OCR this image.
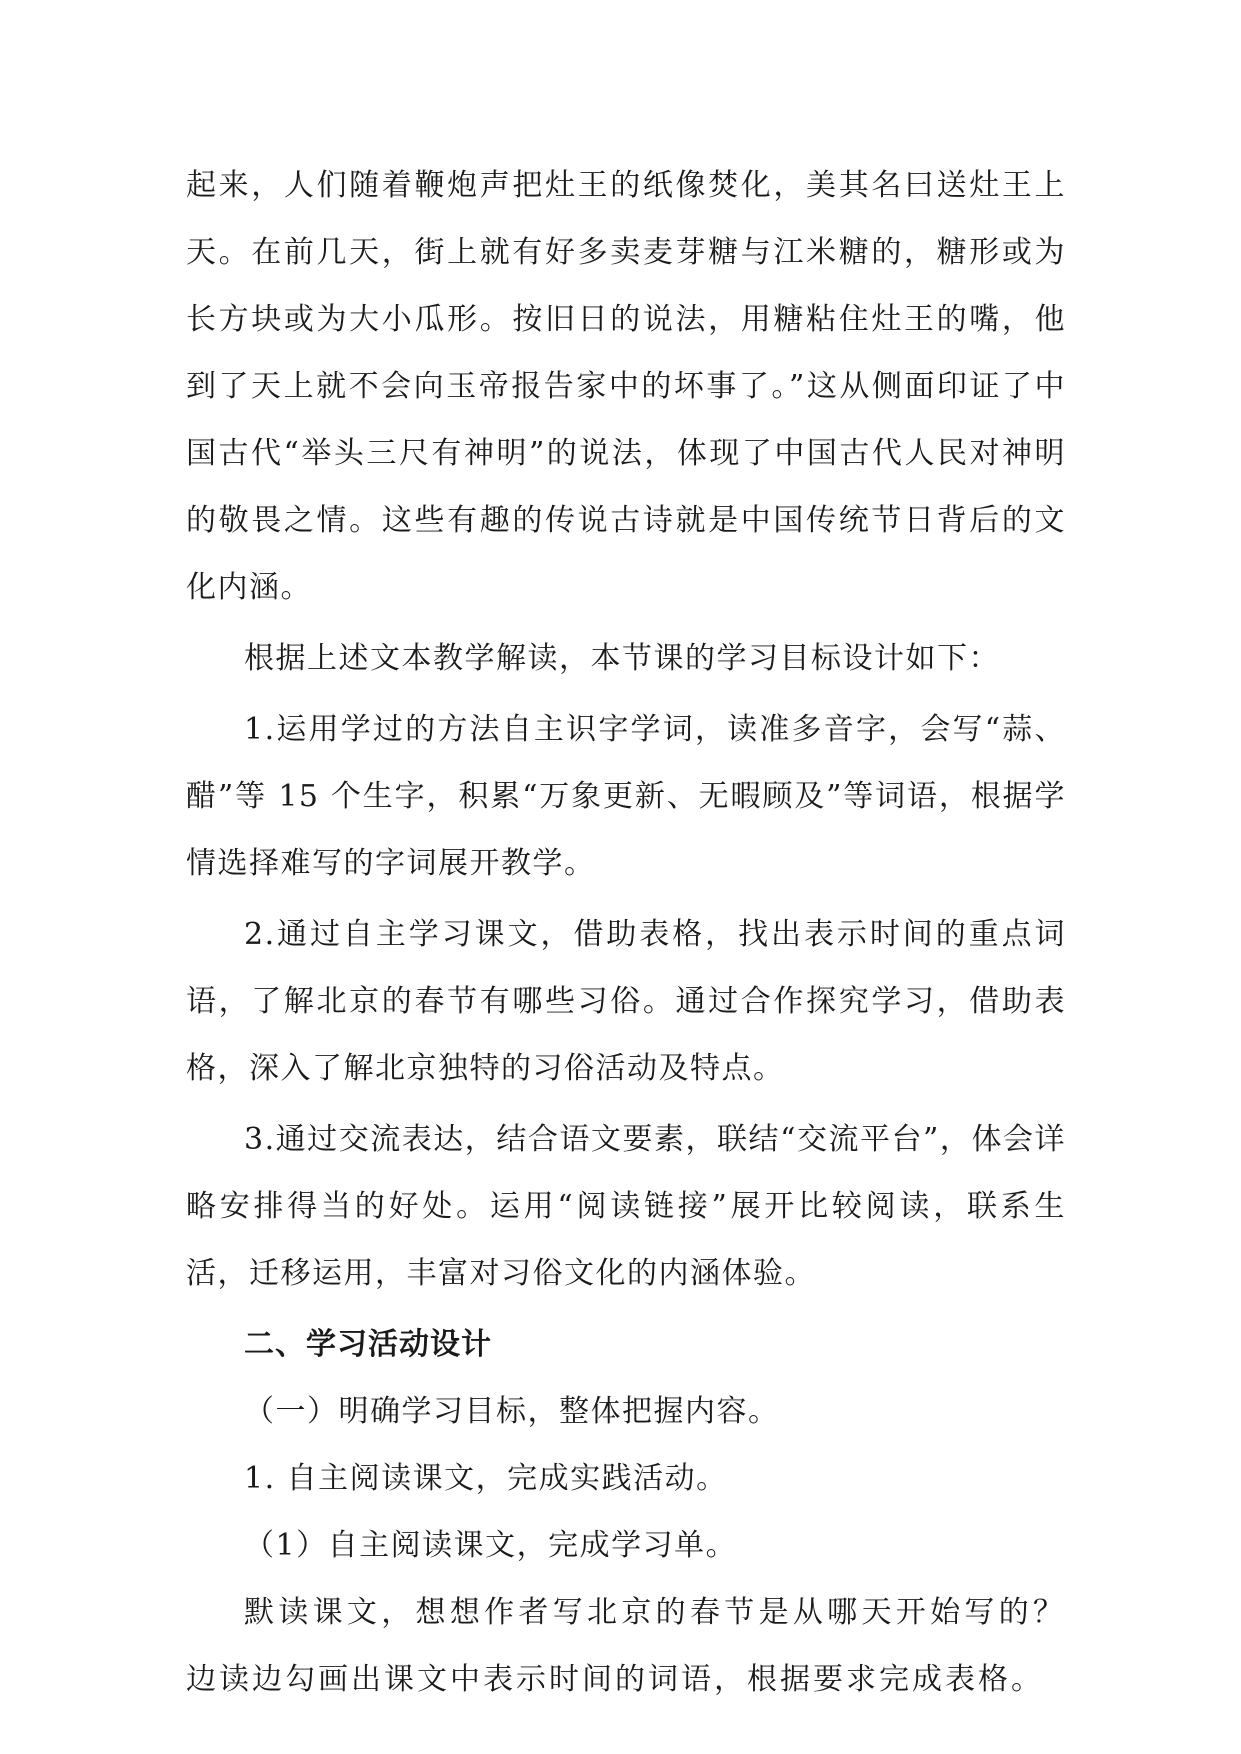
起来，人们随着鞭炮声把灶王的纸像焚化，美其名曰送灶王上天。在前几天，街上就有好多卖麦芽糖与江米糖的，糖形或为长方块或为大小瓜形。按旧日的说法，用糖粘住灶王的嘴，他到了天上就不会向玉帝报告家中的坏事了。”这从侧面印证了中国古代“举头三尺有神明”的说法，体现了中国古代人民对神明的敬畏之情。这些有趣的传说古诗就是中国传统节日背后的文化内涵。

根据上述文本教学解读，本节课的学习目标设计如下：

1.运用学过的方法自主识字学词，读准多音字，会写“蒜、醋”等 15 个生字，积累“万象更新、无暇顾及”等词语，根据学情选择难写的字词展开教学。

2.通过自主学习课文，借助表格，找出表示时间的重点词语，了解北京的春节有哪些习俗。通过合作探究学习，借助表格，深入了解北京独特的习俗活动及特点。

3.通过交流表达，结合语文要素，联结“交流平台”，体会详略安排得当的好处。运用“阅读链接”展开比较阅读，联系生活，迁移运用，丰富对习俗文化的内涵体验。

二、学习活动设计

（一）明确学习目标，整体把握内容。

1. 自主阅读课文，完成实践活动。

（1）自主阅读课文，完成学习单。

默读课文，想想作者写北京的春节是从哪天开始写的？边读边勾画出课文中表示时间的词语，根据要求完成表格。
